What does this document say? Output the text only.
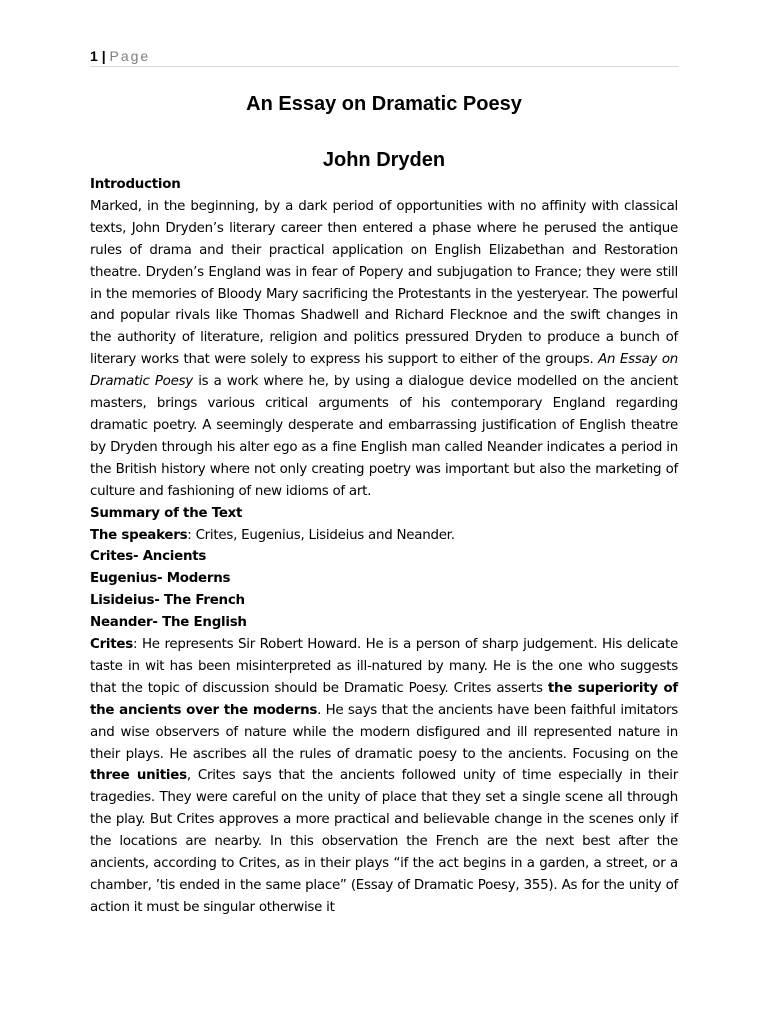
1 | Page
An Essay on Dramatic Poesy
John Dryden

Introduction

Marked, in the beginning, by a dark period of opportunities with no affinity with classical texts, John Dryden’s literary career then entered a phase where he perused the antique rules of drama and their practical application on English Elizabethan and Restoration theatre. Dryden’s England was in fear of Popery and subjugation to France; they were still in the memories of Bloody Mary sacrificing the Protestants in the yesteryear. The powerful and popular rivals like Thomas Shadwell and Richard Flecknoe and the swift changes in the authority of literature, religion and politics pressured Dryden to produce a bunch of literary works that were solely to express his support to either of the groups. An Essay on Dramatic Poesy is a work where he, by using a dialogue device modelled on the ancient masters, brings various critical arguments of his contemporary England regarding dramatic poetry. A seemingly desperate and embarrassing justification of English theatre by Dryden through his alter ego as a fine English man called Neander indicates a period in the British history where not only creating poetry was important but also the marketing of culture and fashioning of new idioms of art.

Summary of the Text

The speakers: Crites, Eugenius, Lisideius and Neander.

Crites- Ancients

Eugenius- Moderns

Lisideius- The French

Neander- The English

Crites: He represents Sir Robert Howard. He is a person of sharp judgement. His delicate taste in wit has been misinterpreted as ill-natured by many. He is the one who suggests that the topic of discussion should be Dramatic Poesy. Crites asserts the superiority of the ancients over the moderns. He says that the ancients have been faithful imitators and wise observers of nature while the modern disfigured and ill represented nature in their plays. He ascribes all the rules of dramatic poesy to the ancients. Focusing on the three unities, Crites says that the ancients followed unity of time especially in their tragedies. They were careful on the unity of place that they set a single scene all through the play. But Crites approves a more practical and believable change in the scenes only if the locations are nearby. In this observation the French are the next best after the ancients, according to Crites, as in their plays “if the act begins in a garden, a street, or a chamber, ’tis ended in the same place” (Essay of Dramatic Poesy, 355). As for the unity of action it must be singular otherwise it
